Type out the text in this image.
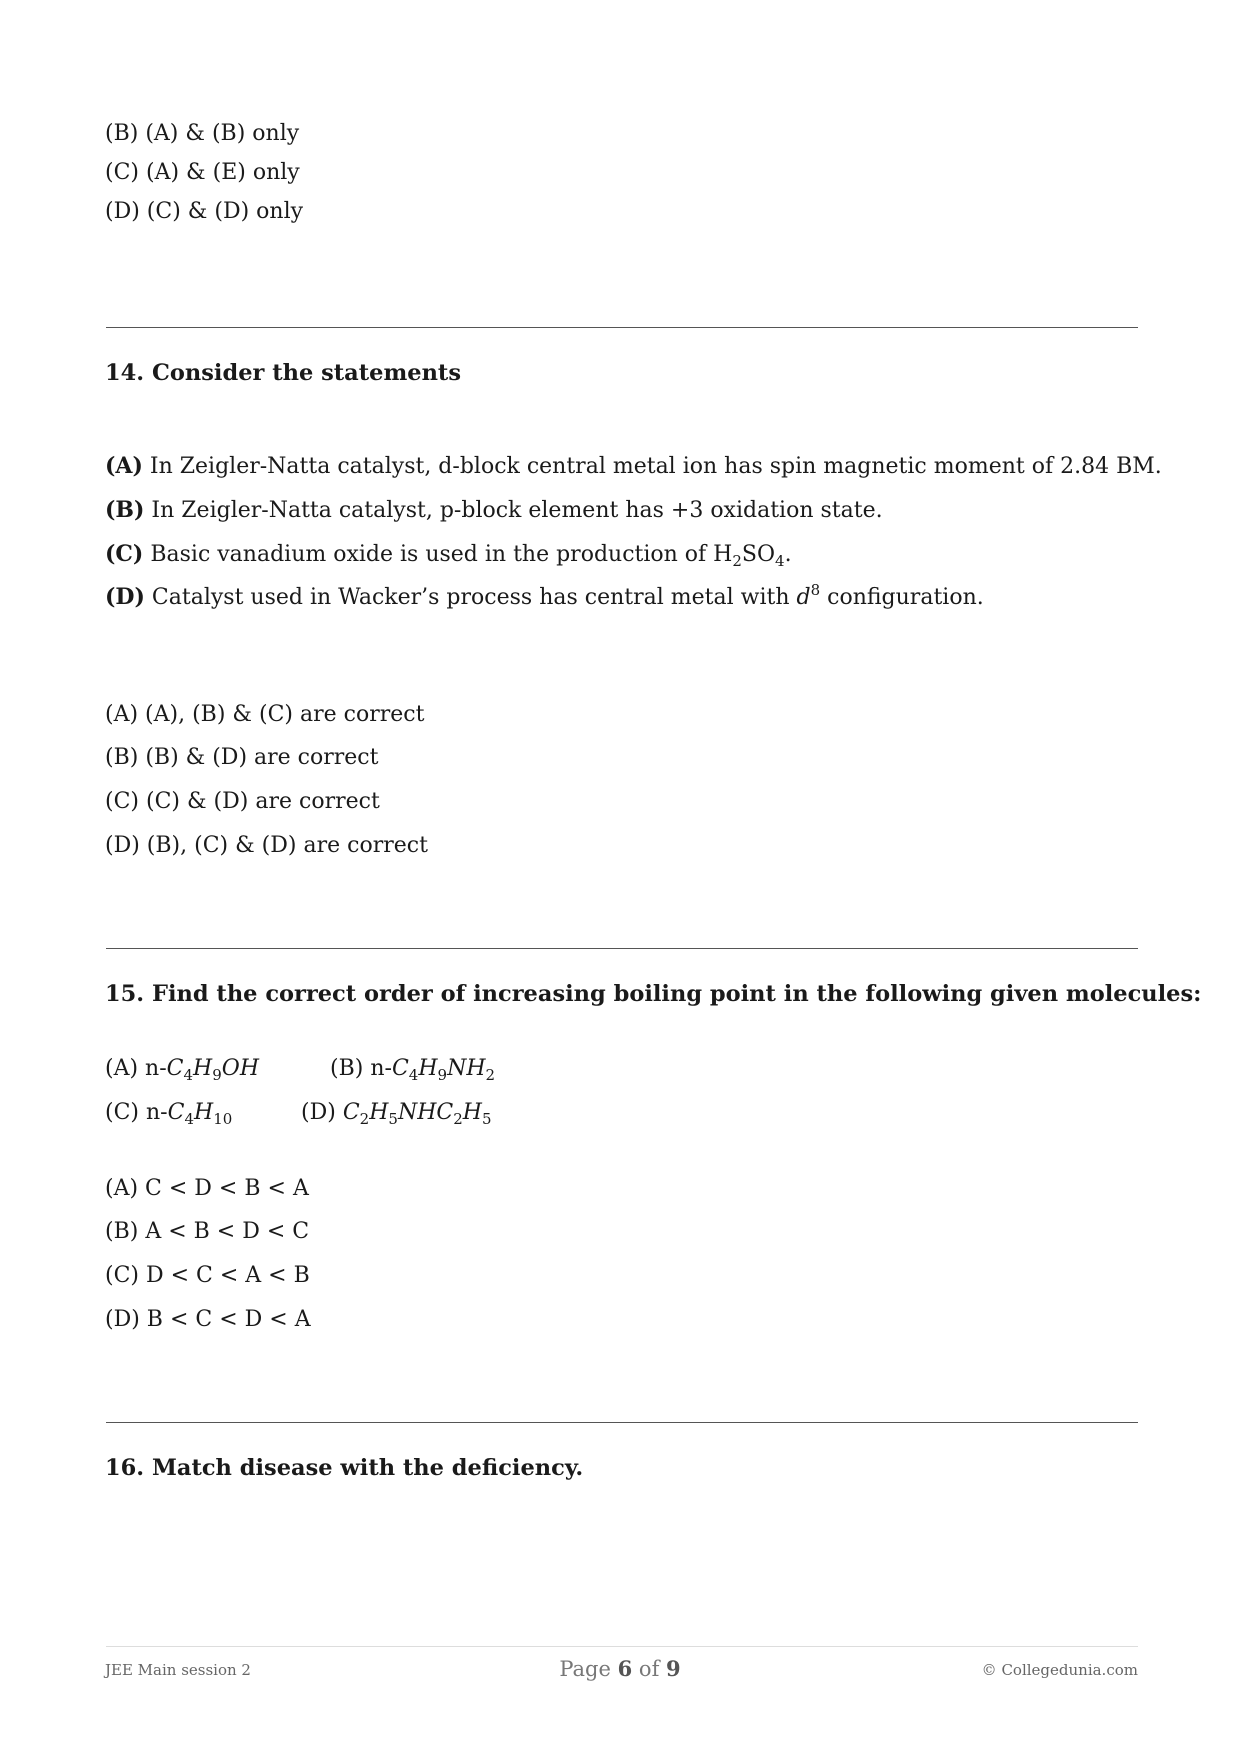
(B) (A) & (B) only
(C) (A) & (E) only
(D) (C) & (D) only
14. Consider the statements
(A) In Zeigler-Natta catalyst, d-block central metal ion has spin magnetic moment of 2.84 BM.
(B) In Zeigler-Natta catalyst, p-block element has +3 oxidation state.
(C) Basic vanadium oxide is used in the production of $H_2SO_4$.
(D) Catalyst used in Wacker’s process has central metal with $d^8$ configuration.
(A) (A), (B) & (C) are correct
(B) (B) & (D) are correct
(C) (C) & (D) are correct
(D) (B), (C) & (D) are correct
15. Find the correct order of increasing boiling point in the following given molecules:
(A) $n-C_4H_9OH$	(B) $n-C_4H_9NH_2$
(C) $n-C_4H_{10}$	(D) $C_2H_5NHC_2H_5$
(A) C < D < B < A
(B) A < B < D < C
(C) D < C < A < B
(D) B < C < D < A
16. Match disease with the deficiency.
JEE Main session 2	Page 6 of 9	© Collegedunia.com
